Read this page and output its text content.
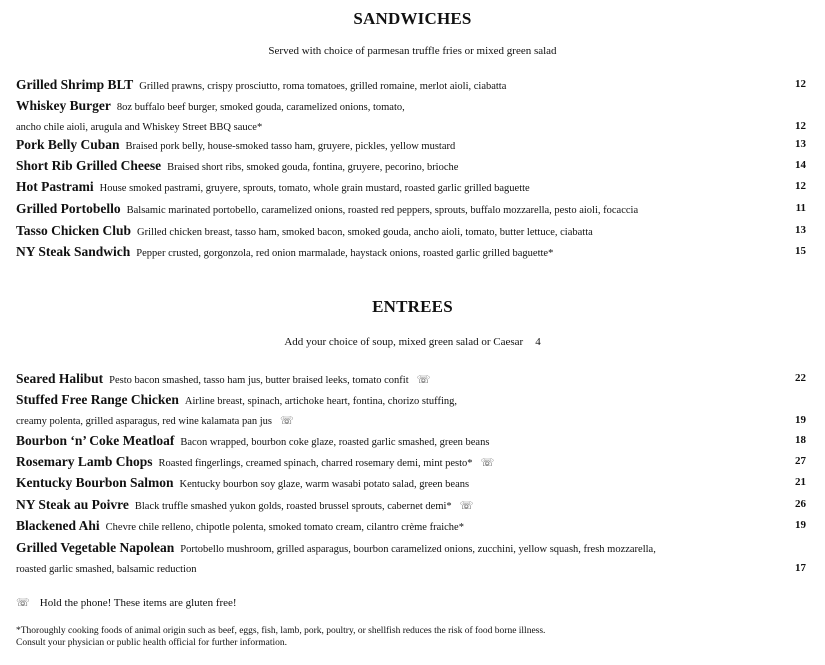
SANDWICHES
Served with choice of parmesan truffle fries or mixed green salad
Grilled Shrimp BLT Grilled prawns, crispy prosciutto, roma tomatoes, grilled romaine, merlot aioli, ciabatta	12
Whiskey Burger 8oz buffalo beef burger, smoked gouda, caramelized onions, tomato,
ancho chile aioli, arugula and Whiskey Street BBQ sauce*	12
Pork Belly Cuban Braised pork belly, house-smoked tasso ham, gruyere, pickles, yellow mustard	13
Short Rib Grilled Cheese Braised short ribs, smoked gouda, fontina, gruyere, pecorino, brioche	14
Hot Pastrami House smoked pastrami, gruyere, sprouts, tomato, whole grain mustard, roasted garlic grilled baguette	12
Grilled Portobello Balsamic marinated portobello, caramelized onions, roasted red peppers, sprouts, buffalo mozzarella, pesto aioli, focaccia	11
Tasso Chicken Club Grilled chicken breast, tasso ham, smoked bacon, smoked gouda, ancho aioli, tomato, butter lettuce, ciabatta	13
NY Steak Sandwich Pepper crusted, gorgonzola, red onion marmalade, haystack onions, roasted garlic grilled baguette*	15
ENTREES
Add your choice of soup, mixed green salad or Caesar 4
Seared Halibut Pesto bacon smashed, tasso ham jus, butter braised leeks, tomato confit ☏	22
Stuffed Free Range Chicken Airline breast, spinach, artichoke heart, fontina, chorizo stuffing,
creamy polenta, grilled asparagus, red wine kalamata pan jus ☏	19
Bourbon ‘n’ Coke Meatloaf Bacon wrapped, bourbon coke glaze, roasted garlic smashed, green beans	18
Rosemary Lamb Chops Roasted fingerlings, creamed spinach, charred rosemary demi, mint pesto* ☏	27
Kentucky Bourbon Salmon Kentucky bourbon soy glaze, warm wasabi potato salad, green beans	21
NY Steak au Poivre Black truffle smashed yukon golds, roasted brussel sprouts, cabernet demi* ☏	26
Blackened Ahi Chevre chile relleno, chipotle polenta, smoked tomato cream, cilantro crème fraiche*	19
Grilled Vegetable Napolean Portobello mushroom, grilled asparagus, bourbon caramelized onions, zucchini, yellow squash, fresh mozzarella,
roasted garlic smashed, balsamic reduction	17
☏ Hold the phone! These items are gluten free!
*Thoroughly cooking foods of animal origin such as beef, eggs, fish, lamb, pork, poultry, or shellfish reduces the risk of food borne illness.
Consult your physician or public health official for further information.
